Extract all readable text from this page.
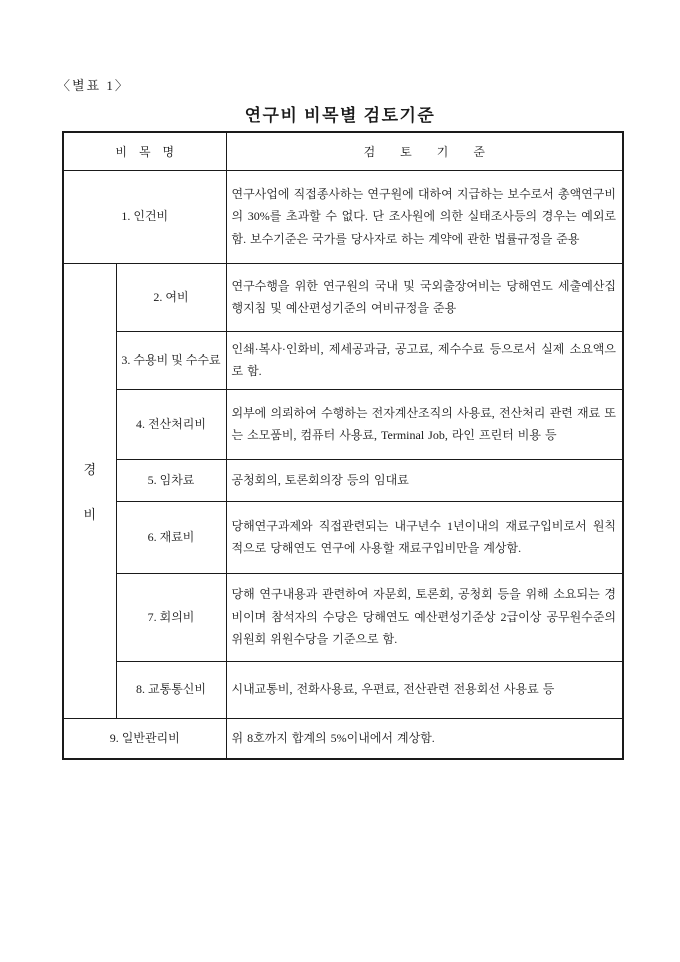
〈별표 1〉
연구비 비목별 검토기준
비 목 명		검 토 기 준
1. 인건비		연구사업에 직접종사하는 연구원에 대하여 지급하는 보수로서 총액연구비의 30%를 초과할 수 없다. 단 조사원에 의한 실태조사등의 경우는 예외로 함. 보수기준은 국가를 당사자로 하는 계약에 관한 법률규정을 준용

경
비	2. 여비	연구수행을 위한 연구원의 국내 및 국외출장여비는 당해연도 세출예산집행지침 및 예산편성기준의 여비규정을 준용
	3. 수용비 및 수수료	인쇄·복사·인화비, 제세공과금, 공고료, 제수수료 등으로서 실제 소요액으로 함.
	4. 전산처리비	외부에 의뢰하여 수행하는 전자계산조직의 사용료, 전산처리 관련 재료 또는 소모품비, 컴퓨터 사용료, Terminal Job, 라인 프린터 비용 등
	5. 임차료	공청회의, 토론회의장 등의 임대료
	6. 재료비	당해연구과제와 직접관련되는 내구년수 1년이내의 재료구입비로서 원칙적으로 당해연도 연구에 사용할 재료구입비만을 계상함.
	7. 회의비	당해 연구내용과 관련하여 자문회, 토론회, 공청회 등을 위해 소요되는 경비이며 참석자의 수당은 당해연도 예산편성기준상 2급이상 공무원수준의 위원회 위원수당을 기준으로 함.
	8. 교통통신비	시내교통비, 전화사용료, 우편료, 전산관련 전용회선 사용료 등
9. 일반관리비		위 8호까지 합계의 5%이내에서 계상함.
